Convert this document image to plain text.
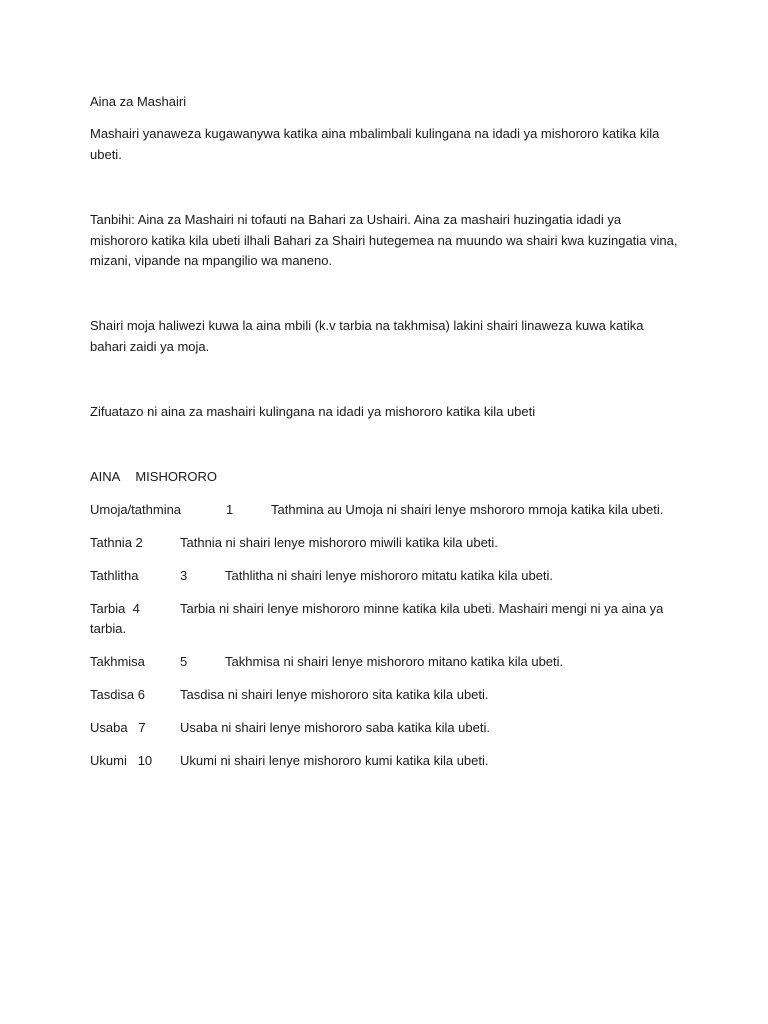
Aina za Mashairi
Mashairi yanaweza kugawanywa katika aina mbalimbali kulingana na idadi ya mishororo katika kila ubeti.
Tanbihi: Aina za Mashairi ni tofauti na Bahari za Ushairi. Aina za mashairi huzingatia idadi ya mishororo katika kila ubeti ilhali Bahari za Shairi hutegemea na muundo wa shairi kwa kuzingatia vina, mizani, vipande na mpangilio wa maneno.
Shairi moja haliwezi kuwa la aina mbili (k.v tarbia na takhmisa) lakini shairi linaweza kuwa katika bahari zaidi ya moja.
Zifuatazo ni aina za mashairi kulingana na idadi ya mishororo katika kila ubeti
AINA MISHORORO
Umoja/tathmina	1	Tathmina au Umoja ni shairi lenye mshororo mmoja katika kila ubeti.
Tathnia 2	Tathnia ni shairi lenye mishororo miwili katika kila ubeti.
Tathlitha	3	Tathlitha ni shairi lenye mishororo mitatu katika kila ubeti.
Tarbia 4	Tarbia ni shairi lenye mishororo minne katika kila ubeti. Mashairi mengi ni ya aina ya
tarbia.
Takhmisa	5	Takhmisa ni shairi lenye mishororo mitano katika kila ubeti.
Tasdisa 6	Tasdisa ni shairi lenye mishororo sita katika kila ubeti.
Usaba 7	Usaba ni shairi lenye mishororo saba katika kila ubeti.
Ukumi 10 Ukumi ni shairi lenye mishororo kumi katika kila ubeti.
